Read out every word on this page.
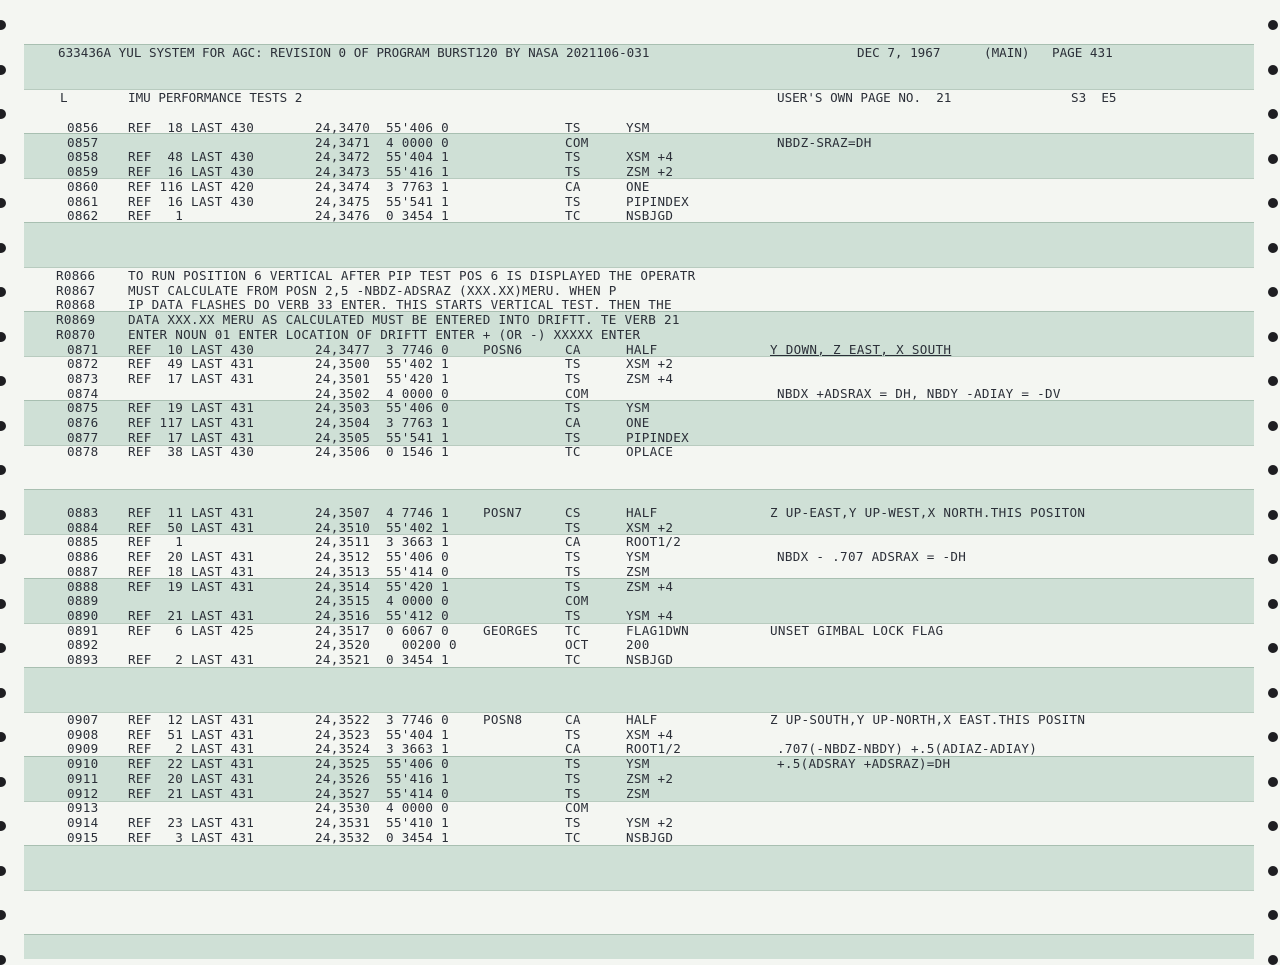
633436A YUL SYSTEM FOR AGC: REVISION 0 OF PROGRAM BURST120 BY NASA 2021106-031	DEC 7, 1967	(MAIN) PAGE 431
L	IMU PERFORMANCE TESTS 2	USER'S OWN PAGE NO.  21	S3  E5
0856 REF  18 LAST 430	24,3470  55'406 0	TS	YSM
0857	24,3471  4 0000 0	COM	NBDZ-SRAZ=DH
0858 REF  48 LAST 430	24,3472  55'404 1	TS	XSM +4
0859 REF  16 LAST 430	24,3473  55'416 1	TS	ZSM +2
0860 REF 116 LAST 420	24,3474  3 7763 1	CA	ONE
0861 REF  16 LAST 430	24,3475  55'541 1	TS	PIPINDEX
0862 REF   1	24,3476  0 3454 1	TC	NSBJGD
R0866	TO RUN POSITION 6 VERTICAL AFTER PIP TEST POS 6 IS DISPLAYED THE OPERATR
R0867	MUST CALCULATE FROM POSN 2,5 -NBDZ-ADSRAZ (XXX.XX)MERU. WHEN P
R0868	IP DATA FLASHES DO VERB 33 ENTER. THIS STARTS VERTICAL TEST. THEN THE
R0869	DATA XXX.XX MERU AS CALCULATED MUST BE ENTERED INTO DRIFTT. TE VERB 21
R0870	ENTER NOUN 01 ENTER LOCATION OF DRIFTT ENTER + (OR -) XXXXX ENTER
0871 REF  10 LAST 430	24,3477  3 7746 0	POSN6	CA	HALF	Y DOWN, Z EAST, X SOUTH
0872 REF  49 LAST 431	24,3500  55'402 1	TS	XSM +2
0873 REF  17 LAST 431	24,3501  55'420 1	TS	ZSM +4
0874	24,3502  4 0000 0	COM	NBDX +ADSRAX = DH, NBDY -ADIAY = -DV
0875 REF  19 LAST 431	24,3503  55'406 0	TS	YSM
0876 REF 117 LAST 431	24,3504  3 7763 1	CA	ONE
0877 REF  17 LAST 431	24,3505  55'541 1	TS	PIPINDEX
0878 REF  38 LAST 430	24,3506  0 1546 1	TC	OPLACE
0883 REF  11 LAST 431	24,3507  4 7746 1	POSN7	CS	HALF	Z UP-EAST,Y UP-WEST,X NORTH.THIS POSITON
0884 REF  50 LAST 431	24,3510  55'402 1	TS	XSM +2
0885 REF   1	24,3511  3 3663 1	CA	ROOT1/2
0886 REF  20 LAST 431	24,3512  55'406 0	TS	YSM	NBDX - .707 ADSRAX = -DH
0887 REF  18 LAST 431	24,3513  55'414 0	TS	ZSM
0888 REF  19 LAST 431	24,3514  55'420 1	TS	ZSM +4
0889	24,3515  4 0000 0	COM
0890 REF  21 LAST 431	24,3516  55'412 0	TS	YSM +4
0891 REF   6 LAST 425	24,3517  0 6067 0	GEORGES TC	FLAG1DWN	UNSET GIMBAL LOCK FLAG
0892	24,3520    00200 0	OCT	200
0893 REF   2 LAST 431	24,3521  0 3454 1	TC	NSBJGD
0907 REF  12 LAST 431	24,3522  3 7746 0	POSN8	CA	HALF	Z UP-SOUTH,Y UP-NORTH,X EAST.THIS POSITN
0908 REF  51 LAST 431	24,3523  55'404 1	TS	XSM +4
0909 REF   2 LAST 431	24,3524  3 3663 1	CA	ROOT1/2	.707(-NBDZ-NBDY) +.5(ADIAZ-ADIAY)
0910 REF  22 LAST 431	24,3525  55'406 0	TS	YSM	+.5(ADSRAY +ADSRAZ)=DH
0911 REF  20 LAST 431	24,3526  55'416 1	TS	ZSM +2
0912 REF  21 LAST 431	24,3527  55'414 0	TS	ZSM
0913	24,3530  4 0000 0	COM
0914 REF  23 LAST 431	24,3531  55'410 1	TS	YSM +2
0915 REF   3 LAST 431	24,3532  0 3454 1	TC	NSBJGD
